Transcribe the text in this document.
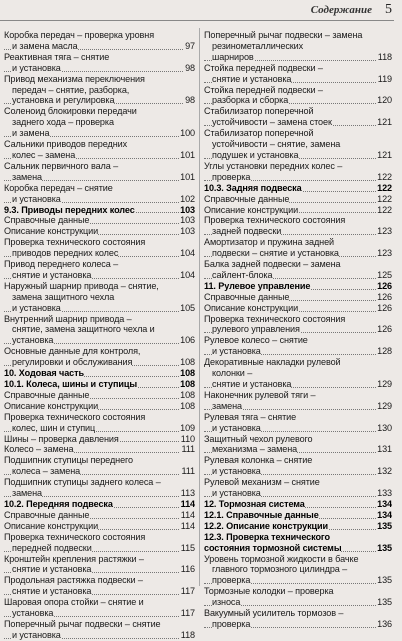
Содержание 5
Коробка передач – проверка уровня
и замена масла	97
Реактивная тяга – снятие
и установка	98
Привод механизма переключения
передач – снятие, разборка,
установка и регулировка	98
Соленоид блокировки передачи
заднего хода – проверка
и замена	100
Сальники приводов передних
колес – замена	101
Сальник первичного вала –
замена	101
Коробка передач – снятие
и установка	102
9.3. Приводы передних колес	103
Справочные данные	103
Описание конструкции	103
Проверка технического состояния
приводов передних колес	104
Привод переднего колеса –
снятие и установка	104
Наружный шарнир привода – снятие,
замена защитного чехла
и установка	105
Внутренний шарнир привода –
снятие, замена защитного чехла и
установка	106
Основные данные для контроля,
регулировки и обслуживания	108
10. Ходовая часть	108
10.1. Колеса, шины и ступицы	108
Справочные данные	108
Описание конструкции	108
Проверка технического состояния
колес, шин и ступиц	109
Шины – проверка давления	110
Колесо – замена	111
Подшипник ступицы переднего
колеса – замена	111
Подшипник ступицы заднего колеса –
замена	113
10.2. Передняя подвеска	114
Справочные данные	114
Описание конструкции	114
Проверка технического состояния
передней подвески	115
Кронштейн крепления растяжки –
снятие и установка	116
Продольная растяжка подвески –
снятие и установка	117
Шаровая опора стойки – снятие и
установка	117
Поперечный рычаг подвески – снятие
и установка	118
Поперечный рычаг подвески – замена
резинометаллических
шарниров	118
Стойка передней подвески –
снятие и установка	119
Стойка передней подвески –
разборка и сборка	120
Стабилизатор поперечной
устойчивости – замена стоек	121
Стабилизатор поперечной
устойчивости – снятие, замена
подушек и установка	121
Углы установки передних колес –
проверка	122
10.3. Задняя подвеска	122
Справочные данные	122
Описание конструкции	122
Проверка технического состояния
задней подвески	123
Амортизатор и пружина задней
подвески – снятие и установка	123
Балка задней подвески – замена
сайлент-блока	125
11. Рулевое управление	126
Справочные данные	126
Описание конструкции	126
Проверка технического состояния
рулевого управления	126
Рулевое колесо – снятие
и установка	128
Декоративные накладки рулевой
колонки –
снятие и установка	129
Наконечник рулевой тяги –
замена	129
Рулевая тяга – снятие
и установка	130
Защитный чехол рулевого
механизма – замена	131
Рулевая колонка – снятие
и установка	132
Рулевой механизм – снятие
и установка	133
12. Тормозная система	134
12.1. Справочные данные	134
12.2. Описание конструкции	135
12.3. Проверка технического
состояния тормозной системы	135
Уровень тормозной жидкости в бачке
главного тормозного цилиндра –
проверка	135
Тормозные колодки – проверка
износа	135
Вакуумный усилитель тормозов –
проверка	136
